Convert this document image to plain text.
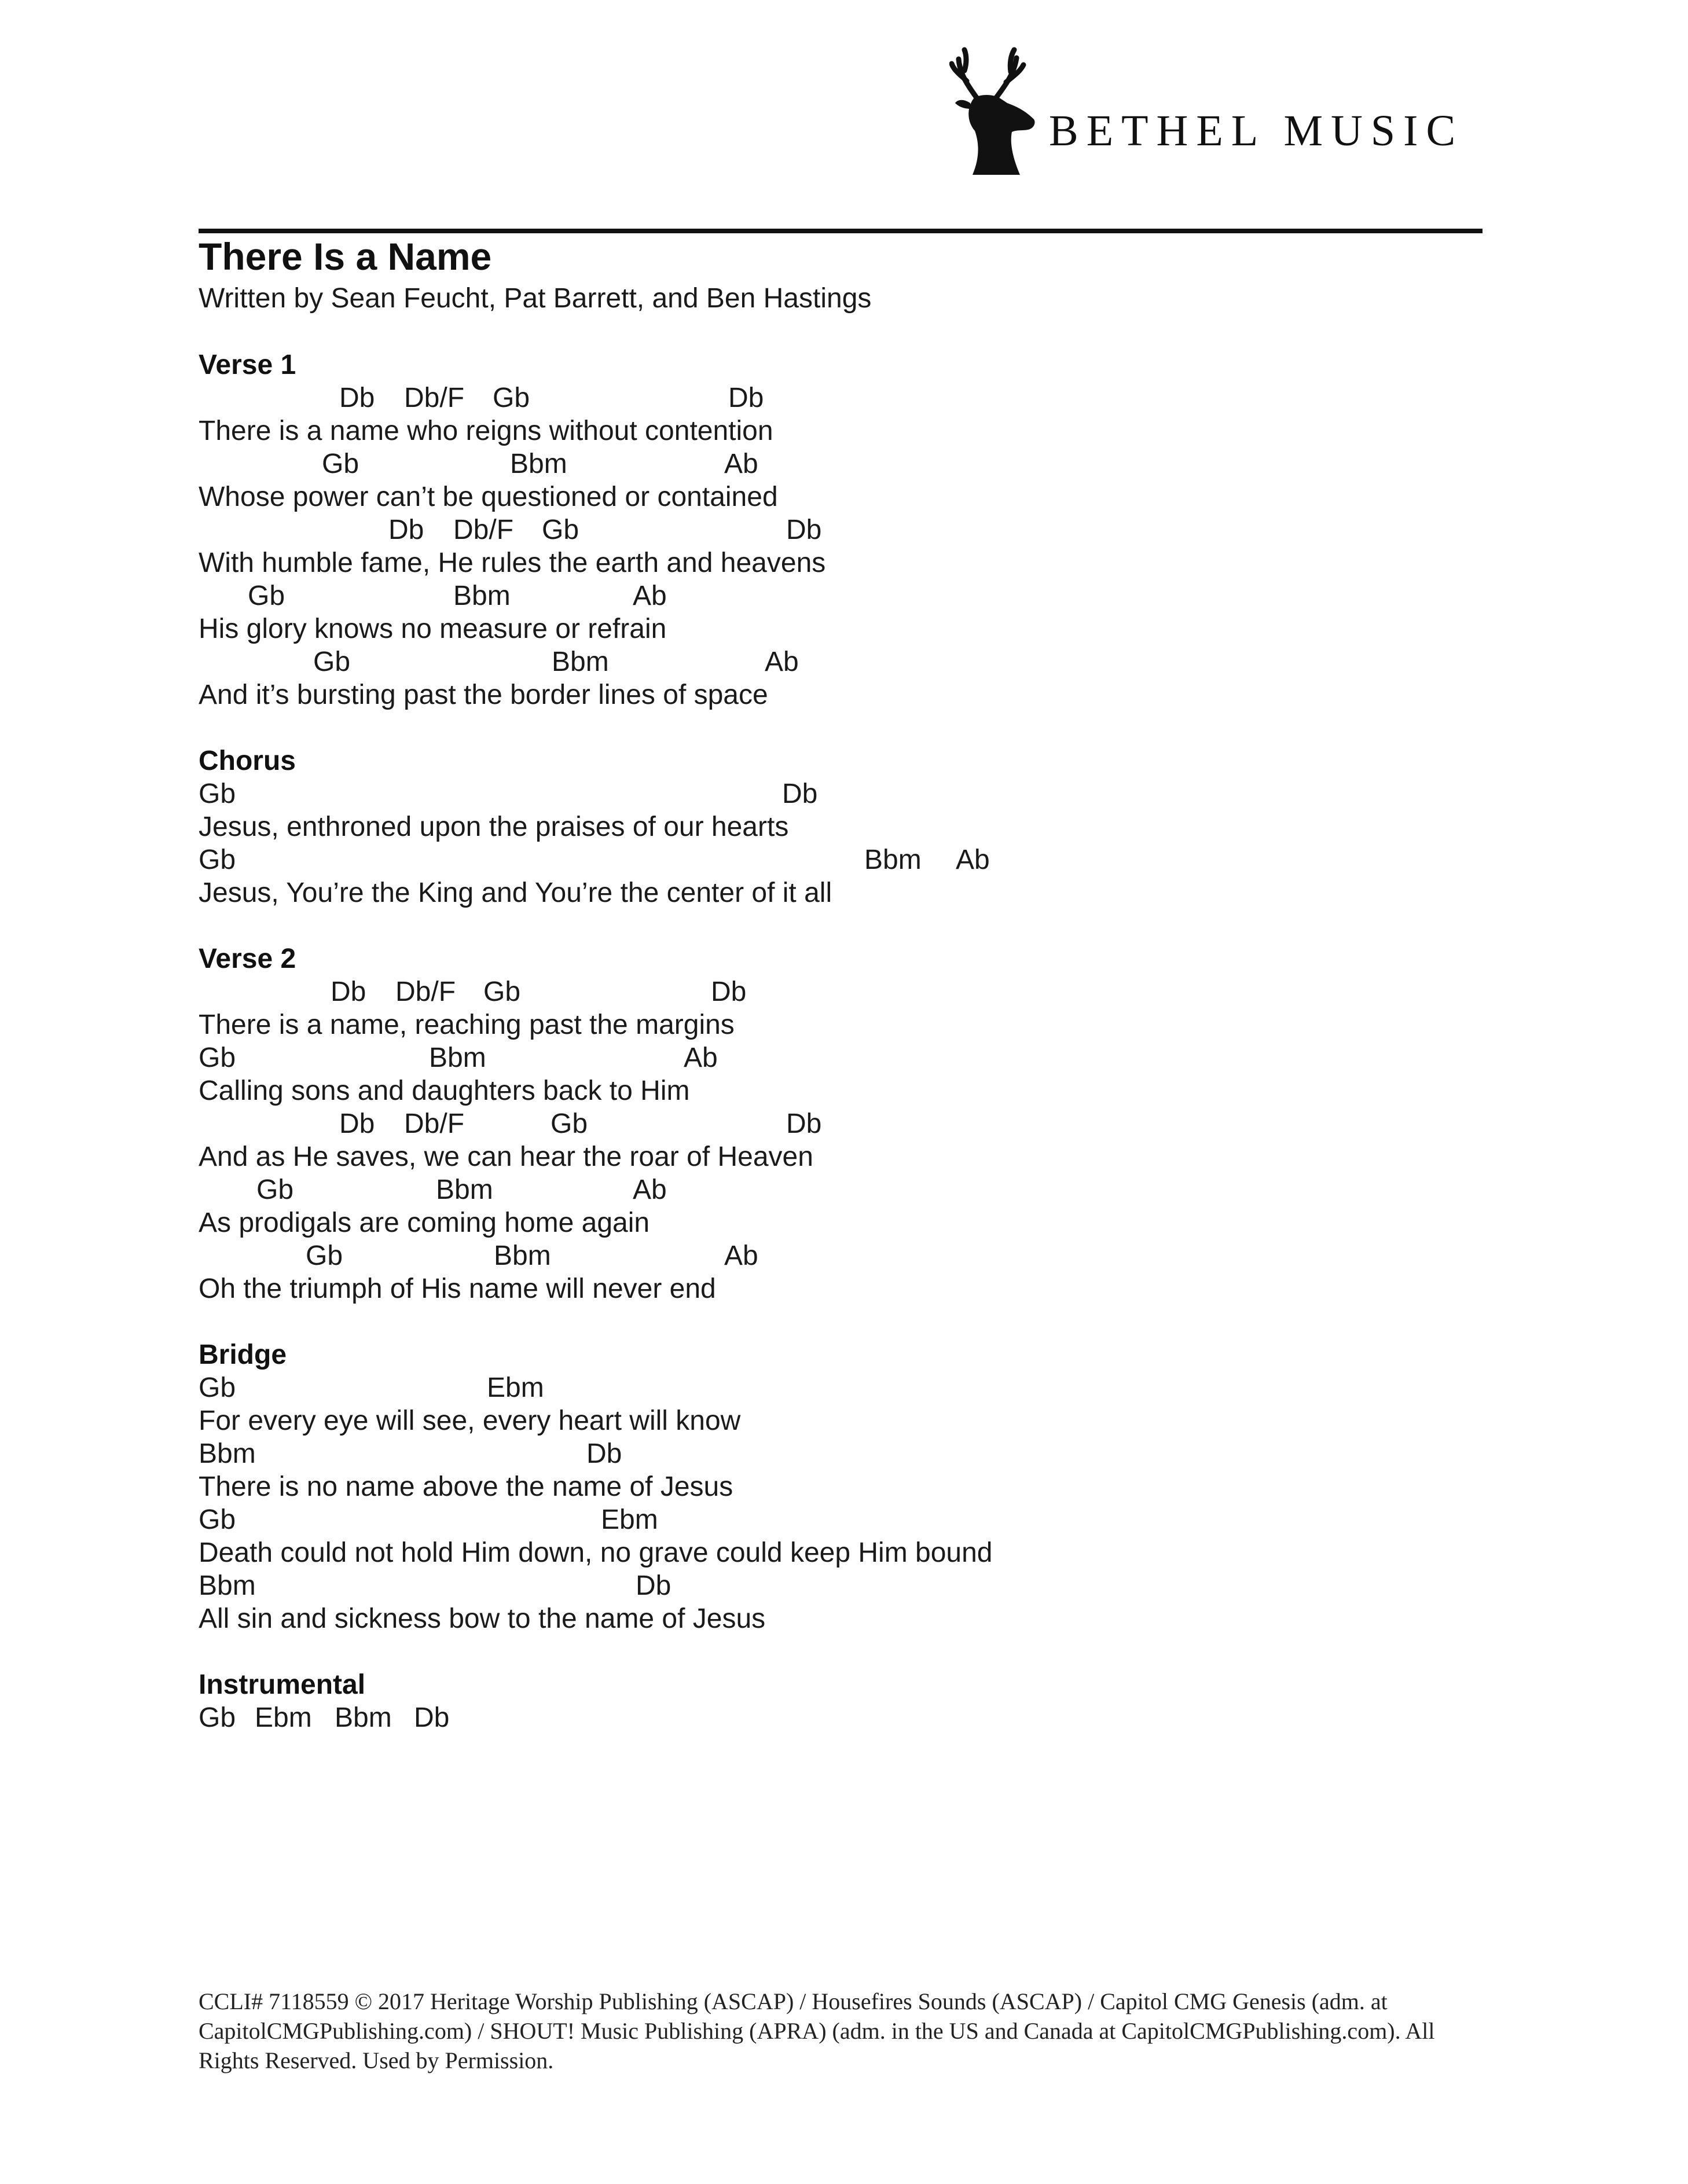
BETHEL MUSIC
There Is a Name
Written by Sean Feucht, Pat Barrett, and Ben Hastings
Verse 1
Db Db/F Gb	Db
There is a name who reigns without contention
Gb	Bbm	Ab
Whose power can’t be questioned or contained
Db Db/F Gb	Db
With humble fame, He rules the earth and heavens
Gb	Bbm	Ab
His glory knows no measure or refrain
Gb	Bbm	Ab
And it’s bursting past the border lines of space
Chorus
Gb	Db
Jesus, enthroned upon the praises of our hearts
Gb	Bbm Ab
Jesus, You’re the King and You’re the center of it all
Verse 2
Db Db/F Gb	Db
There is a name, reaching past the margins
Gb	Bbm	Ab
Calling sons and daughters back to Him
Db Db/F	Gb	Db
And as He saves, we can hear the roar of Heaven
Gb	Bbm	Ab
As prodigals are coming home again
Gb	Bbm	Ab
Oh the triumph of His name will never end
Bridge
Gb	Ebm
For every eye will see, every heart will know
Bbm	Db
There is no name above the name of Jesus
Gb	Ebm
Death could not hold Him down, no grave could keep Him bound
Bbm	Db
All sin and sickness bow to the name of Jesus
Instrumental
Gb Ebm Bbm Db
CCLI# 7118559 © 2017 Heritage Worship Publishing (ASCAP) / Housefires Sounds (ASCAP) / Capitol CMG Genesis (adm. at CapitolCMGPublishing.com) / SHOUT! Music Publishing (APRA) (adm. in the US and Canada at CapitolCMGPublishing.com). All Rights Reserved. Used by Permission.
